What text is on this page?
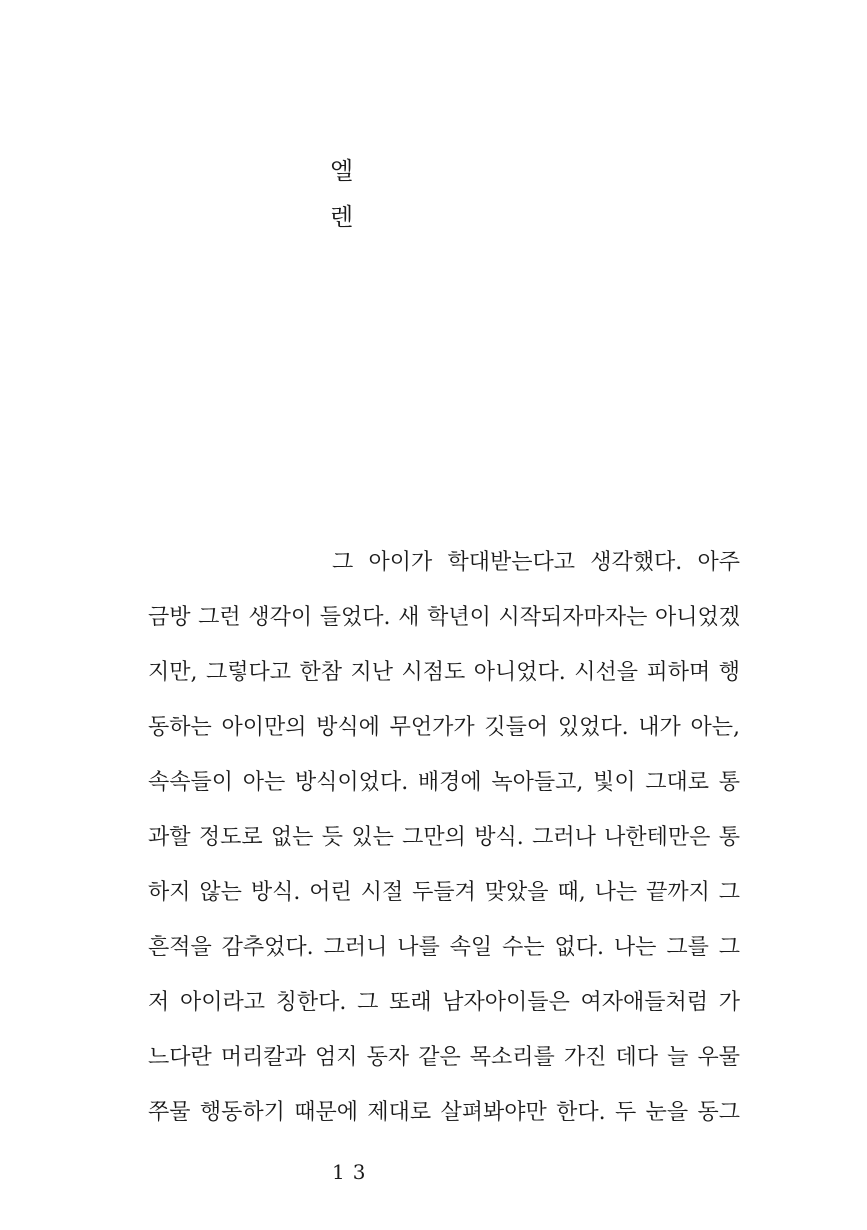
엘
렌
그 아이가 학대받는다고 생각했다. 아주
금방 그런 생각이 들었다. 새 학년이 시작되자마자는 아니었겠
지만, 그렇다고 한참 지난 시점도 아니었다. 시선을 피하며 행
동하는 아이만의 방식에 무언가가 깃들어 있었다. 내가 아는,
속속들이 아는 방식이었다. 배경에 녹아들고, 빛이 그대로 통
과할 정도로 없는 듯 있는 그만의 방식. 그러나 나한테만은 통
하지 않는 방식. 어린 시절 두들겨 맞았을 때, 나는 끝까지 그
흔적을 감추었다. 그러니 나를 속일 수는 없다. 나는 그를 그
저 아이라고 칭한다. 그 또래 남자아이들은 여자애들처럼 가
느다란 머리칼과 엄지 동자 같은 목소리를 가진 데다 늘 우물
쭈물 행동하기 때문에 제대로 살펴봐야만 한다. 두 눈을 동그
13
